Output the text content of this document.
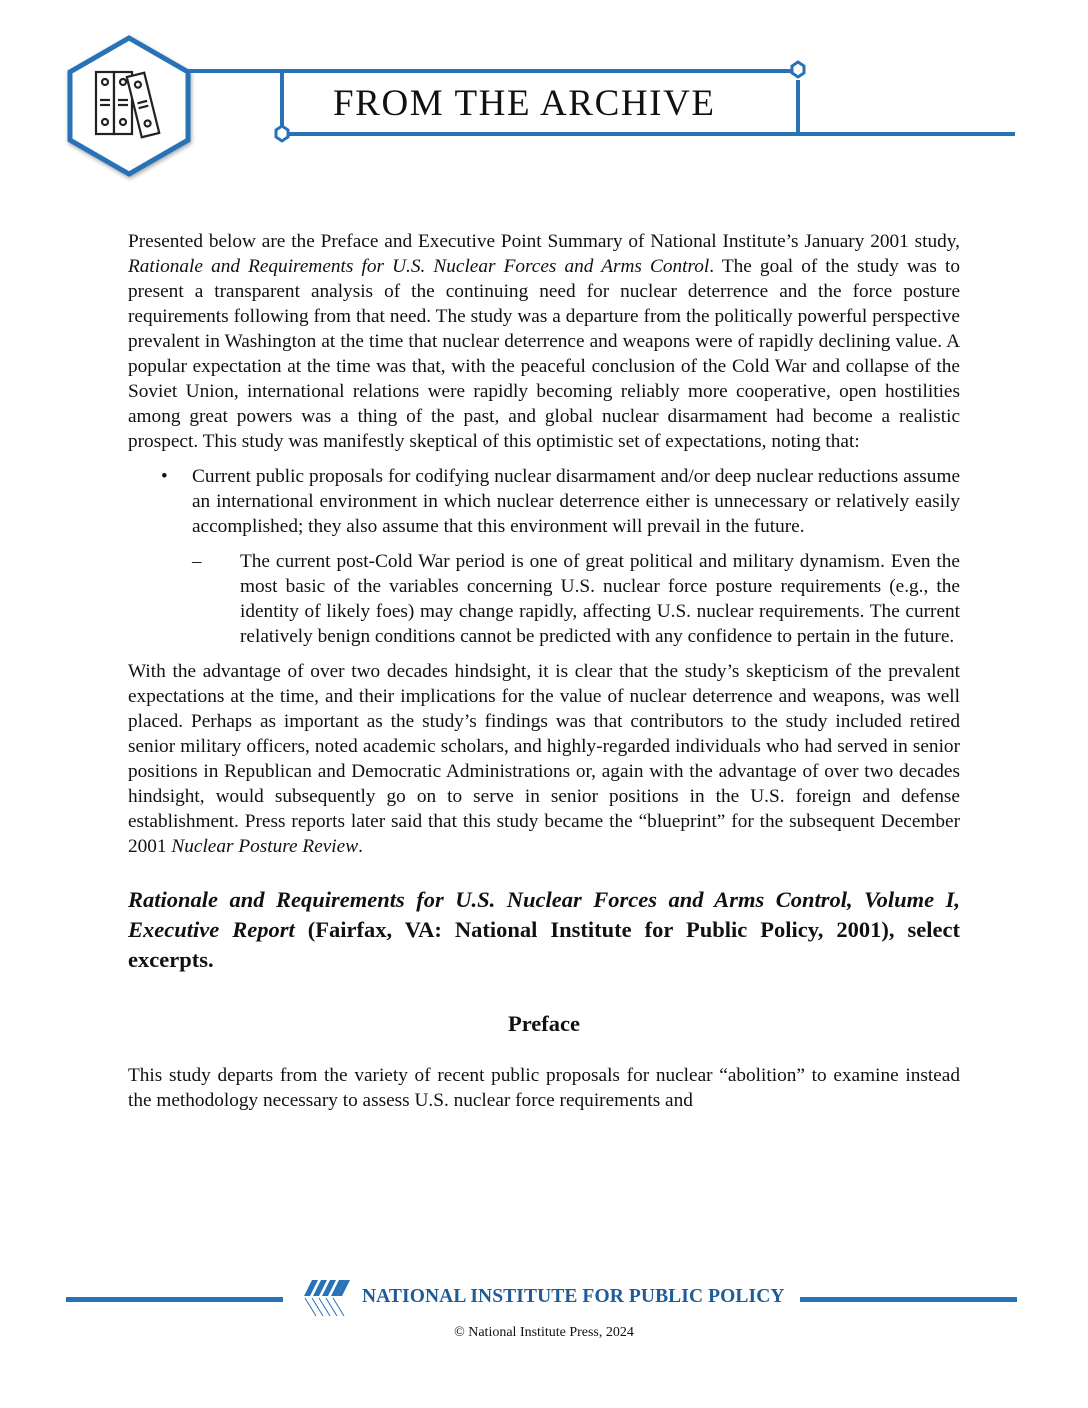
FROM THE ARCHIVE

Presented below are the Preface and Executive Point Summary of National Institute’s January 2001 study, Rationale and Requirements for U.S. Nuclear Forces and Arms Control. The goal of the study was to present a transparent analysis of the continuing need for nuclear deterrence and the force posture requirements following from that need. The study was a departure from the politically powerful perspective prevalent in Washington at the time that nuclear deterrence and weapons were of rapidly declining value. A popular expectation at the time was that, with the peaceful conclusion of the Cold War and collapse of the Soviet Union, international relations were rapidly becoming reliably more cooperative, open hostilities among great powers was a thing of the past, and global nuclear disarmament had become a realistic prospect. This study was manifestly skeptical of this optimistic set of expectations, noting that:

• Current public proposals for codifying nuclear disarmament and/or deep nuclear reductions assume an international environment in which nuclear deterrence either is unnecessary or relatively easily accomplished; they also assume that this environment will prevail in the future.
– The current post-Cold War period is one of great political and military dynamism. Even the most basic of the variables concerning U.S. nuclear force posture requirements (e.g., the identity of likely foes) may change rapidly, affecting U.S. nuclear requirements. The current relatively benign conditions cannot be predicted with any confidence to pertain in the future.

With the advantage of over two decades hindsight, it is clear that the study’s skepticism of the prevalent expectations at the time, and their implications for the value of nuclear deterrence and weapons, was well placed. Perhaps as important as the study’s findings was that contributors to the study included retired senior military officers, noted academic scholars, and highly-regarded individuals who had served in senior positions in Republican and Democratic Administrations or, again with the advantage of over two decades hindsight, would subsequently go on to serve in senior positions in the U.S. foreign and defense establishment. Press reports later said that this study became the “blueprint” for the subsequent December 2001 Nuclear Posture Review.

Rationale and Requirements for U.S. Nuclear Forces and Arms Control, Volume I, Executive Report (Fairfax, VA: National Institute for Public Policy, 2001), select excerpts.
Preface

This study departs from the variety of recent public proposals for nuclear “abolition” to examine instead the methodology necessary to assess U.S. nuclear force requirements and

NATIONAL INSTITUTE FOR PUBLIC POLICY
© National Institute Press, 2024
